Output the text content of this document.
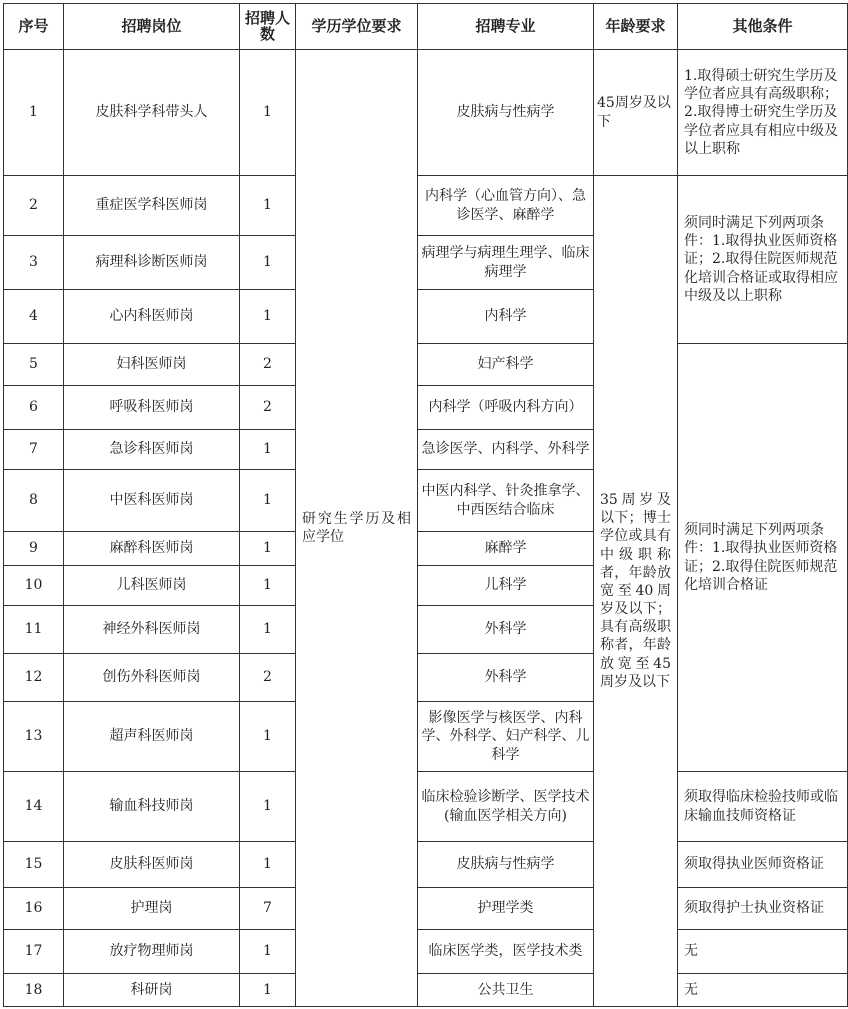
序号	招聘岗位	招聘人数	学历学位要求	招聘专业	年龄要求	其他条件
1	皮肤科学科带头人	1	研究生学历及相应学位	皮肤病与性病学	45周岁及以下	1.取得硕士研究生学历及学位者应具有高级职称；2.取得博士研究生学历及学位者应具有相应中级及以上职称
2	重症医学科医师岗	1		内科学（心血管方向）、急诊医学、麻醉学	35周岁及以下；博士学位或具有中级职称者，年龄放宽至40周岁及以下；具有高级职称者，年龄放宽至45周岁及以下	须同时满足下列两项条件：1.取得执业医师资格证；2.取得住院医师规范化培训合格证或取得相应中级及以上职称
3	病理科诊断医师岗	1		病理学与病理生理学、临床病理学		
4	心内科医师岗	1		内科学		
5	妇科医师岗	2		妇产科学		须同时满足下列两项条件：1.取得执业医师资格证；2.取得住院医师规范化培训合格证
6	呼吸科医师岗	2		内科学（呼吸内科方向）		
7	急诊科医师岗	1		急诊医学、内科学、外科学		
8	中医科医师岗	1		中医内科学、针灸推拿学、中西医结合临床		
9	麻醉科医师岗	1		麻醉学		
10	儿科医师岗	1		儿科学		
11	神经外科医师岗	1		外科学		
12	创伤外科医师岗	2		外科学		
13	超声科医师岗	1		影像医学与核医学、内科学、外科学、妇产科学、儿科学		
14	输血科技师岗	1		临床检验诊断学、医学技术(输血医学相关方向)		须取得临床检验技师或临床输血技师资格证
15	皮肤科医师岗	1		皮肤病与性病学		须取得执业医师资格证
16	护理岗	7		护理学类		须取得护士执业资格证
17	放疗物理师岗	1		临床医学类，医学技术类		无
18	科研岗	1		公共卫生		无
